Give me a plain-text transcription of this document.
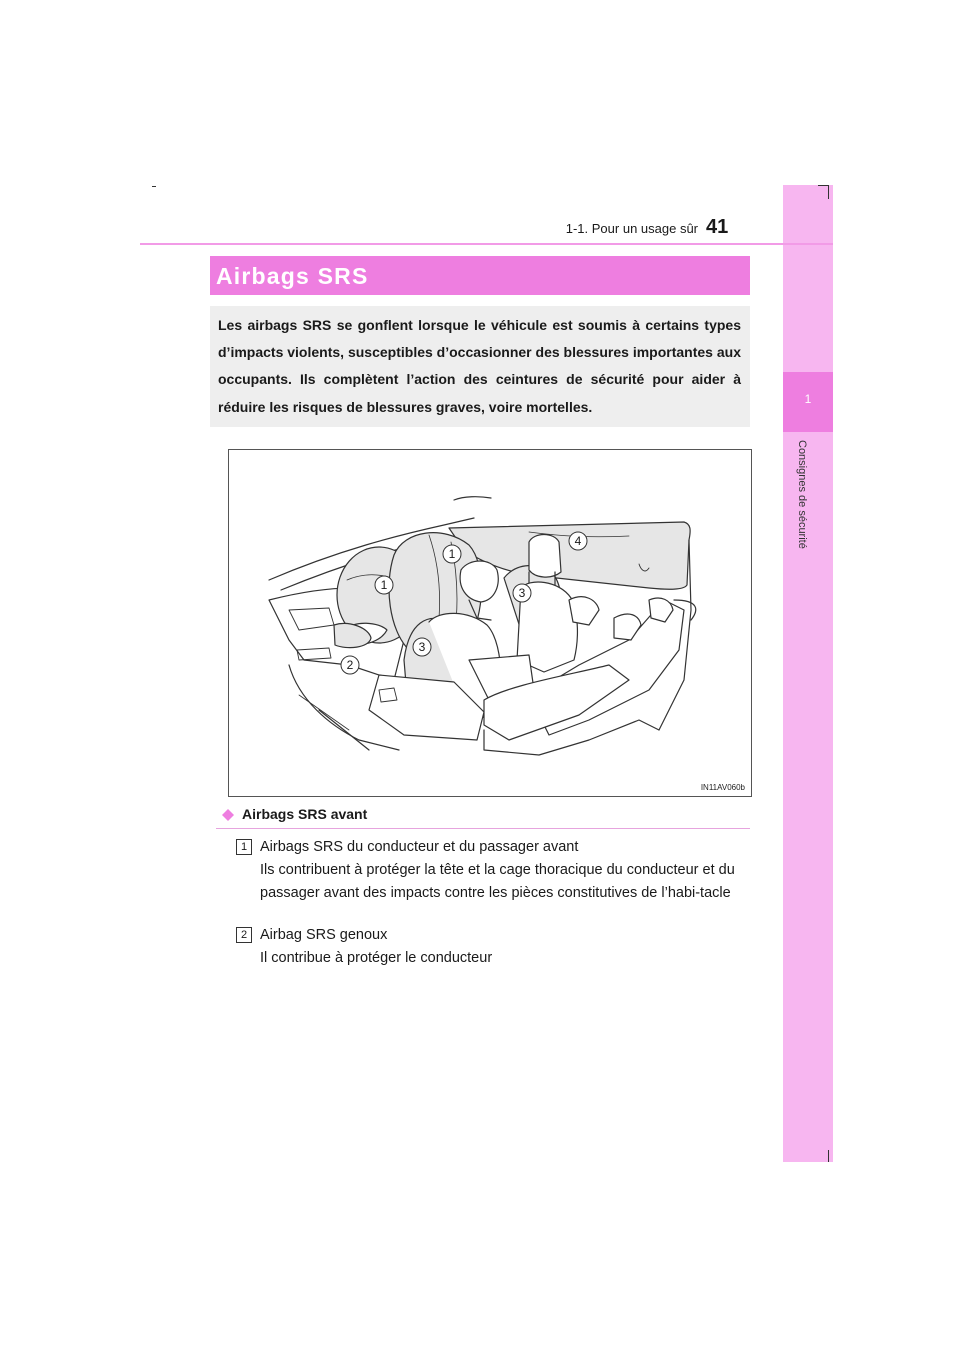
1
Consignes de sécurité
1-1. Pour un usage sûr 41
Airbags SRS
Les airbags SRS se gonflent lorsque le véhicule est soumis à certains types d’impacts violents, susceptibles d’occasionner des blessures importantes aux occupants. Ils complètent l’action des ceintures de sécurité pour aider à réduire les risques de blessures graves, voire mortelles.
1
1
2
3
3
4
IN11AV060b
Airbags SRS avant
1 Airbags SRS du conducteur et du passager avant
Ils contribuent à protéger la tête et la cage thoracique du conducteur et du passager avant des impacts contre les pièces constitutives de l’habi-tacle
2 Airbag SRS genoux
Il contribue à protéger le conducteur
